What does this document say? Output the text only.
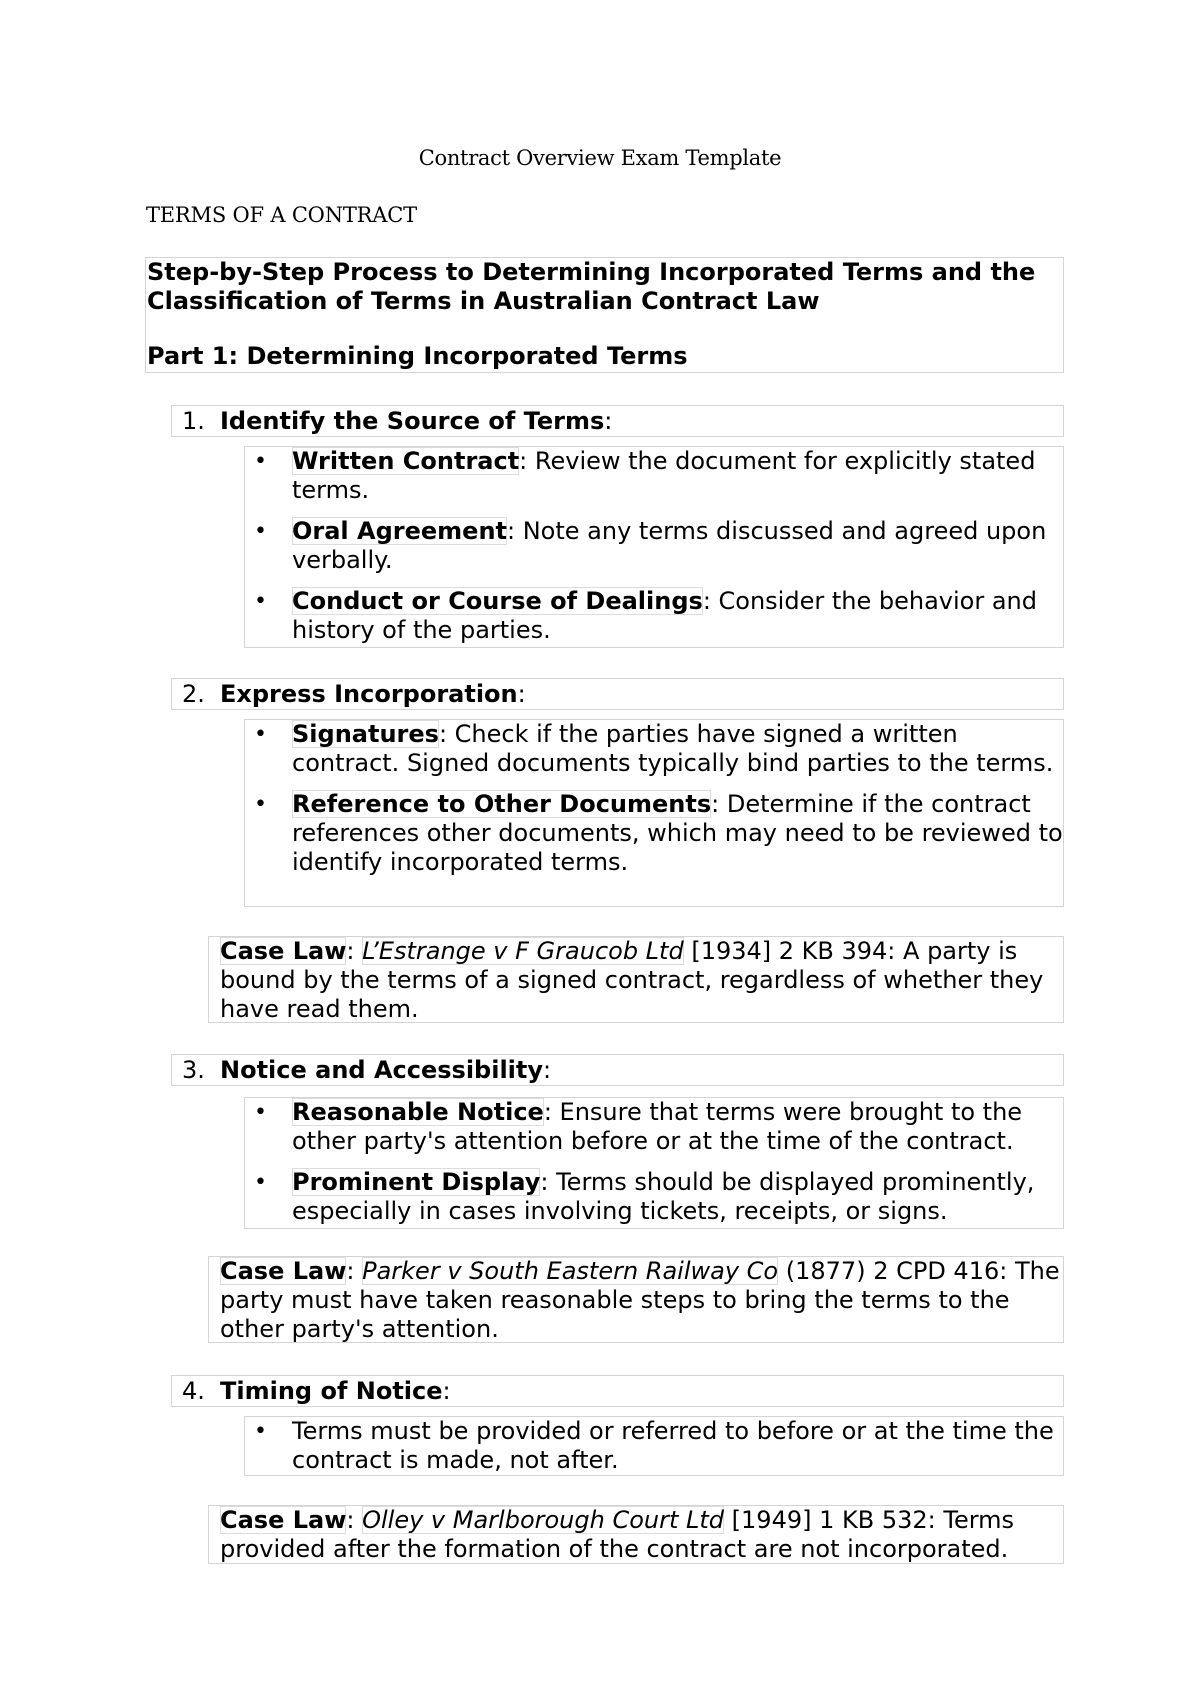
Contract Overview Exam Template
TERMS OF A CONTRACT
Step-by-Step Process to Determining Incorporated Terms and the Classification of Terms in Australian Contract Law
Part 1: Determining Incorporated Terms
1. Identify the Source of Terms:

• Written Contract: Review the document for explicitly stated terms.

• Oral Agreement: Note any terms discussed and agreed upon verbally.

• Conduct or Course of Dealings: Consider the behavior and history of the parties.

2. Express Incorporation:

• Signatures: Check if the parties have signed a written contract. Signed documents typically bind parties to the terms.

• Reference to Other Documents: Determine if the contract references other documents, which may need to be reviewed to identify incorporated terms.

Case Law: L’Estrange v F Graucob Ltd [1934] 2 KB 394: A party is bound by the terms of a signed contract, regardless of whether they have read them.
3. Notice and Accessibility:

• Reasonable Notice: Ensure that terms were brought to the other party's attention before or at the time of the contract.

• Prominent Display: Terms should be displayed prominently, especially in cases involving tickets, receipts, or signs.

Case Law: Parker v South Eastern Railway Co (1877) 2 CPD 416: The party must have taken reasonable steps to bring the terms to the other party's attention.
4. Timing of Notice:

• Terms must be provided or referred to before or at the time the contract is made, not after.

Case Law: Olley v Marlborough Court Ltd [1949] 1 KB 532: Terms provided after the formation of the contract are not incorporated.
